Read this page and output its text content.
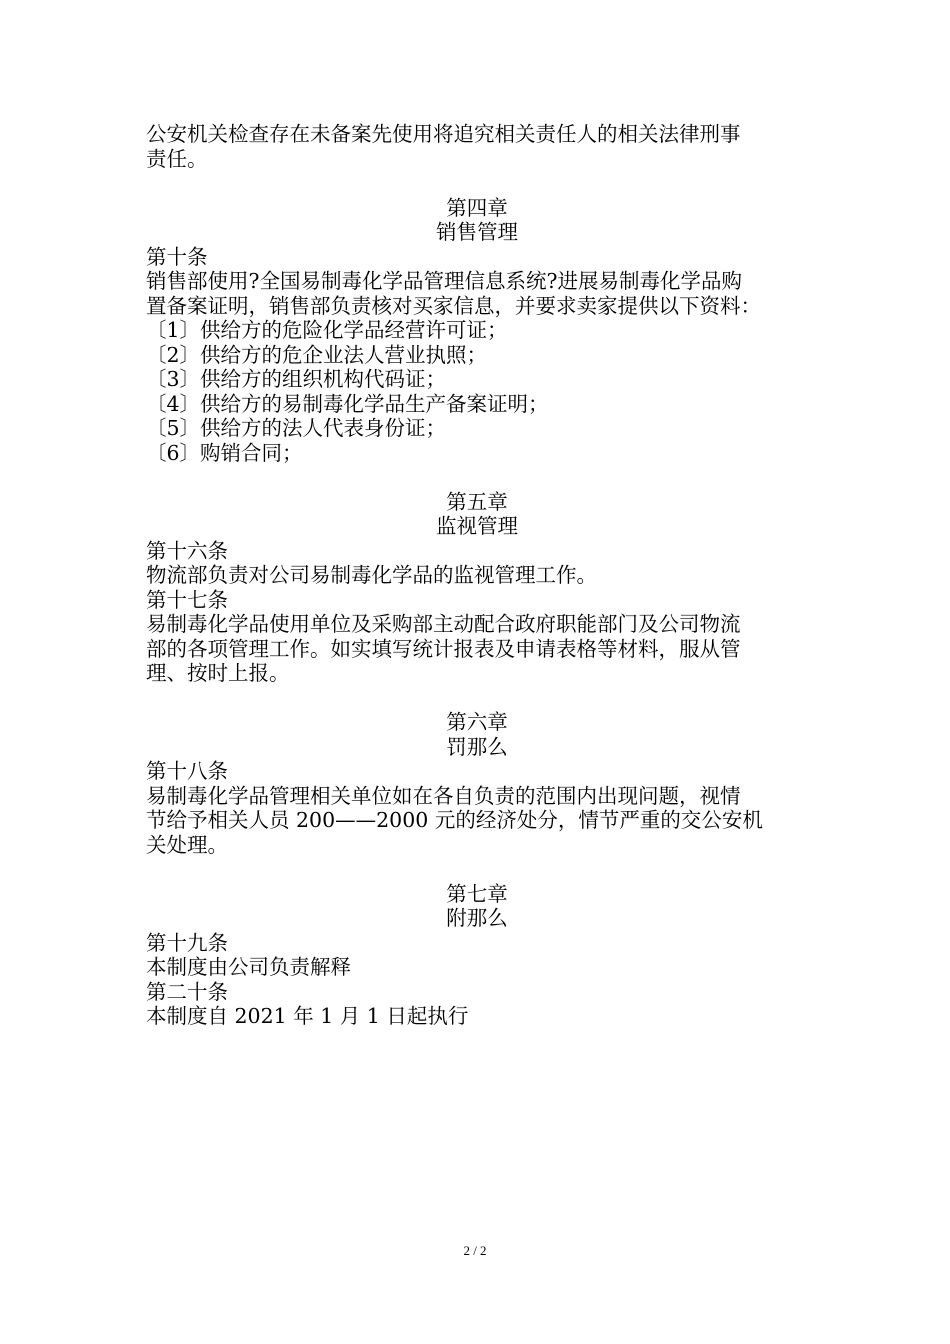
公安机关检查存在未备案先使用将追究相关责任人的相关法律刑事
责任。
第四章
销售管理
第十条
销售部使用?全国易制毒化学品管理信息系统?进展易制毒化学品购
置备案证明，销售部负责核对买家信息，并要求卖家提供以下资料：
〔1〕供给方的危险化学品经营许可证；
〔2〕供给方的危企业法人营业执照；
〔3〕供给方的组织机构代码证；
〔4〕供给方的易制毒化学品生产备案证明；
〔5〕供给方的法人代表身份证；
〔6〕购销合同；
第五章
监视管理
第十六条
物流部负责对公司易制毒化学品的监视管理工作。
第十七条
易制毒化学品使用单位及采购部主动配合政府职能部门及公司物流
部的各项管理工作。如实填写统计报表及申请表格等材料，服从管
理、按时上报。
第六章
罚那么
第十八条
易制毒化学品管理相关单位如在各自负责的范围内出现问题，视情
节给予相关人员 200——2000 元的经济处分，情节严重的交公安机
关处理。
第七章
附那么
第十九条
本制度由公司负责解释
第二十条
本制度自 2021 年 1 月 1 日起执行
2 / 2
